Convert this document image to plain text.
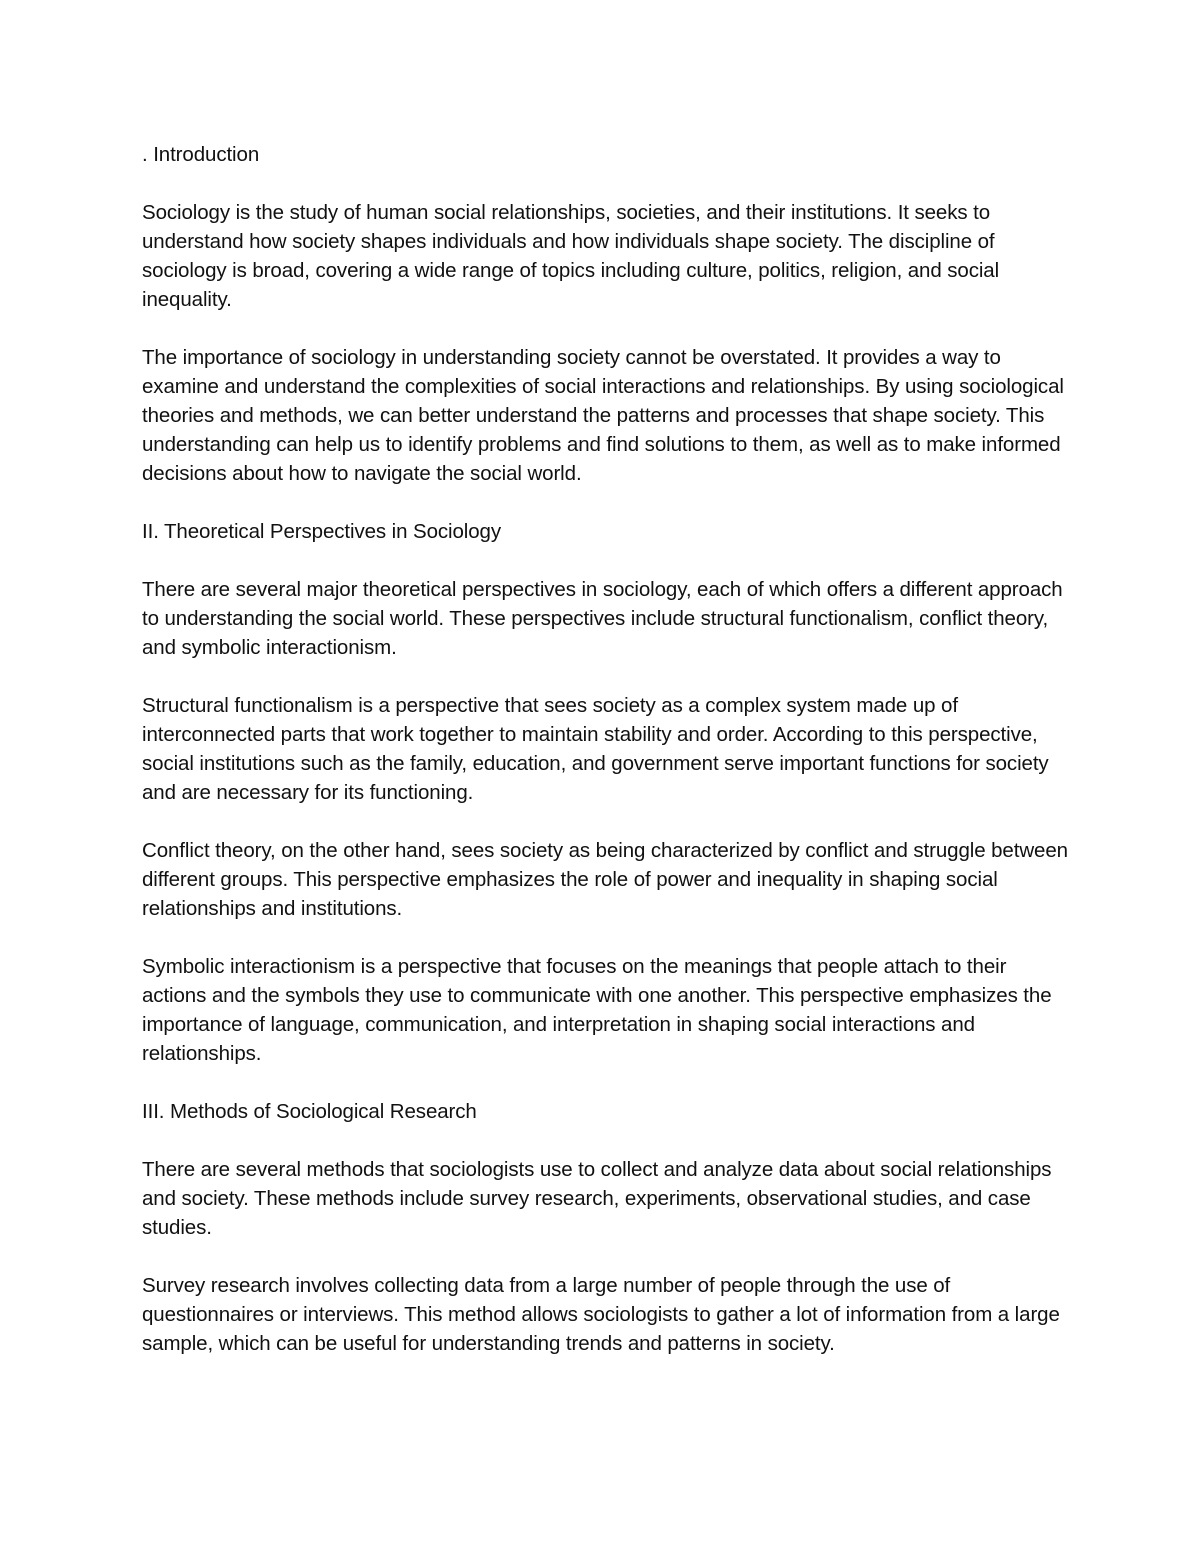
. Introduction
Sociology is the study of human social relationships, societies, and their institutions. It seeks to understand how society shapes individuals and how individuals shape society. The discipline of sociology is broad, covering a wide range of topics including culture, politics, religion, and social inequality.
The importance of sociology in understanding society cannot be overstated. It provides a way to examine and understand the complexities of social interactions and relationships. By using sociological theories and methods, we can better understand the patterns and processes that shape society. This understanding can help us to identify problems and find solutions to them, as well as to make informed decisions about how to navigate the social world.
II. Theoretical Perspectives in Sociology
There are several major theoretical perspectives in sociology, each of which offers a different approach to understanding the social world. These perspectives include structural functionalism, conflict theory, and symbolic interactionism.
Structural functionalism is a perspective that sees society as a complex system made up of interconnected parts that work together to maintain stability and order. According to this perspective, social institutions such as the family, education, and government serve important functions for society and are necessary for its functioning.
Conflict theory, on the other hand, sees society as being characterized by conflict and struggle between different groups. This perspective emphasizes the role of power and inequality in shaping social relationships and institutions.
Symbolic interactionism is a perspective that focuses on the meanings that people attach to their actions and the symbols they use to communicate with one another. This perspective emphasizes the importance of language, communication, and interpretation in shaping social interactions and relationships.
III. Methods of Sociological Research
There are several methods that sociologists use to collect and analyze data about social relationships and society. These methods include survey research, experiments, observational studies, and case studies.
Survey research involves collecting data from a large number of people through the use of questionnaires or interviews. This method allows sociologists to gather a lot of information from a large sample, which can be useful for understanding trends and patterns in society.
